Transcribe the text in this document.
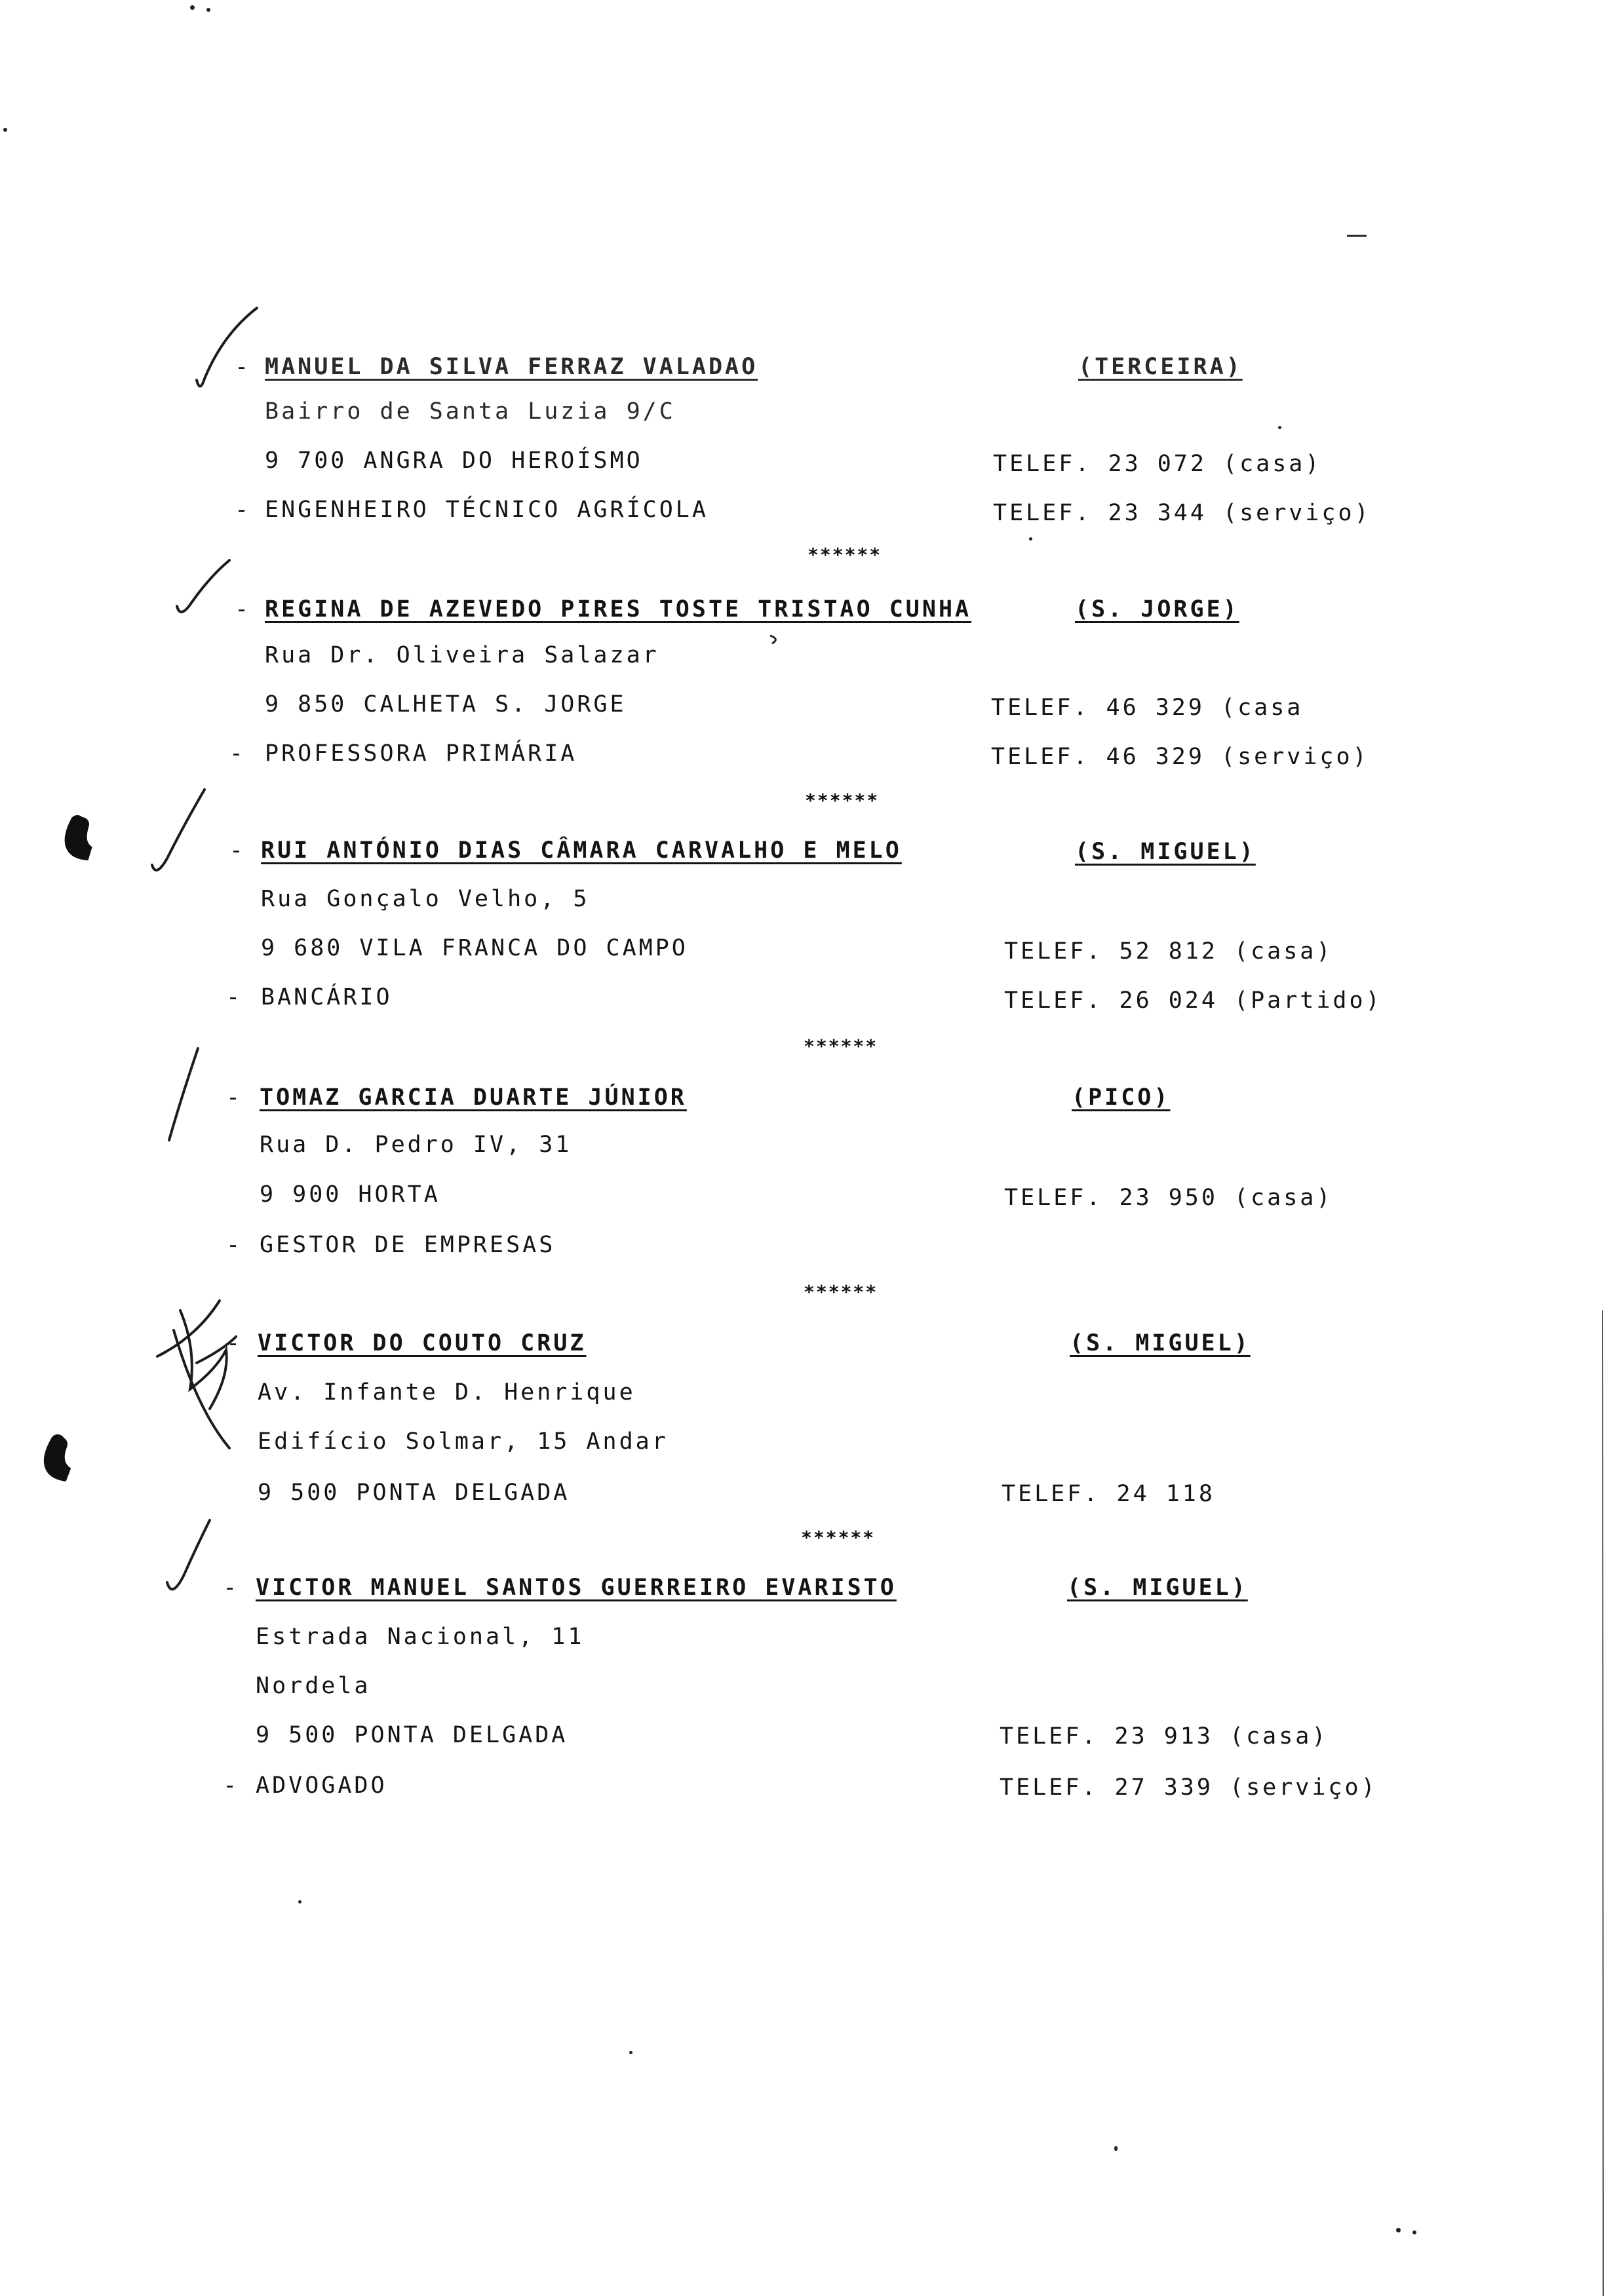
- MANUEL DA SILVA FERRAZ VALADAO	(TERCEIRA)
Bairro de Santa Luzia 9/C
9 700 ANGRA DO HEROÍSMO	TELEF. 23 072 (casa)
- ENGENHEIRO TÉCNICO AGRÍCOLA	TELEF. 23 344 (serviço)
******
- REGINA DE AZEVEDO PIRES TOSTE TRISTAO CUNHA	(S. JORGE)
Rua Dr. Oliveira Salazar
9 850 CALHETA S. JORGE	TELEF. 46 329 (casa
- PROFESSORA PRIMÁRIA	TELEF. 46 329 (serviço)
******
- RUI ANTÓNIO DIAS CÂMARA CARVALHO E MELO	(S. MIGUEL)
Rua Gonçalo Velho, 5
9 680 VILA FRANCA DO CAMPO	TELEF. 52 812 (casa)
- BANCÁRIO	TELEF. 26 024 (Partido)
******
- TOMAZ GARCIA DUARTE JÚNIOR	(PICO)
Rua D. Pedro IV, 31
9 900 HORTA	TELEF. 23 950 (casa)
- GESTOR DE EMPRESAS
******
- VICTOR DO COUTO CRUZ	(S. MIGUEL)
Av. Infante D. Henrique
Edifício Solmar, 15 Andar
9 500 PONTA DELGADA	TELEF. 24 118
******
- VICTOR MANUEL SANTOS GUERREIRO EVARISTO	(S. MIGUEL)
Estrada Nacional, 11
Nordela
9 500 PONTA DELGADA	TELEF. 23 913 (casa)
- ADVOGADO	TELEF. 27 339 (serviço)
